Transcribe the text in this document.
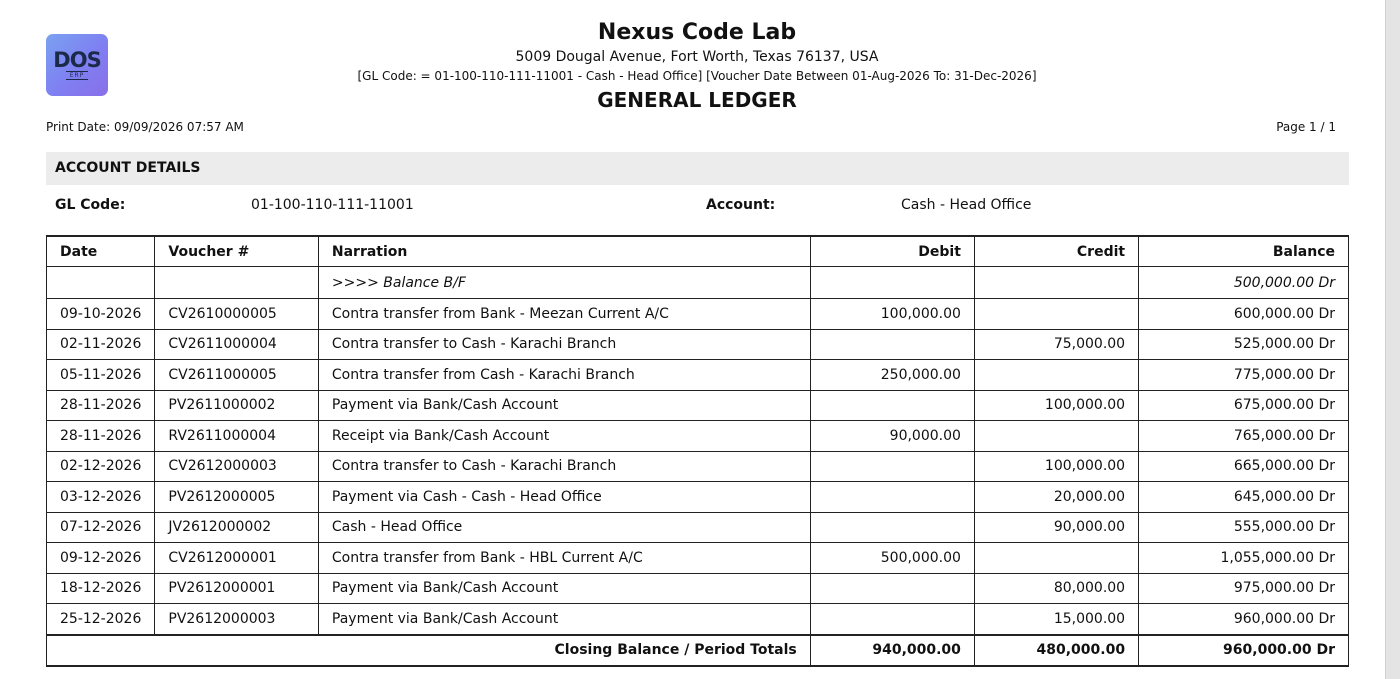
DOS
ERP
Nexus Code Lab
5009 Dougal Avenue, Fort Worth, Texas 76137, USA
[GL Code: = 01-100-110-111-11001 - Cash - Head Office] [Voucher Date Between 01-Aug-2026 To: 31-Dec-2026]
GENERAL LEDGER
Print Date: 09/09/2026 07:57 AM	Page 1 / 1
ACCOUNT DETAILS
GL Code:	01-100-110-111-11001	Account:	Cash - Head Office
Date	Voucher #	Narration	Debit	Credit	Balance
		>>>> Balance B/F			500,000.00 Dr
09-10-2026	CV2610000005	Contra transfer from Bank - Meezan Current A/C	100,000.00		600,000.00 Dr
02-11-2026	CV2611000004	Contra transfer to Cash - Karachi Branch		75,000.00	525,000.00 Dr
05-11-2026	CV2611000005	Contra transfer from Cash - Karachi Branch	250,000.00		775,000.00 Dr
28-11-2026	PV2611000002	Payment via Bank/Cash Account		100,000.00	675,000.00 Dr
28-11-2026	RV2611000004	Receipt via Bank/Cash Account	90,000.00		765,000.00 Dr
02-12-2026	CV2612000003	Contra transfer to Cash - Karachi Branch		100,000.00	665,000.00 Dr
03-12-2026	PV2612000005	Payment via Cash - Cash - Head Office		20,000.00	645,000.00 Dr
07-12-2026	JV2612000002	Cash - Head Office		90,000.00	555,000.00 Dr
09-12-2026	CV2612000001	Contra transfer from Bank - HBL Current A/C	500,000.00		1,055,000.00 Dr
18-12-2026	PV2612000001	Payment via Bank/Cash Account		80,000.00	975,000.00 Dr
25-12-2026	PV2612000003	Payment via Bank/Cash Account		15,000.00	960,000.00 Dr
Closing Balance / Period Totals			940,000.00	480,000.00	960,000.00 Dr
